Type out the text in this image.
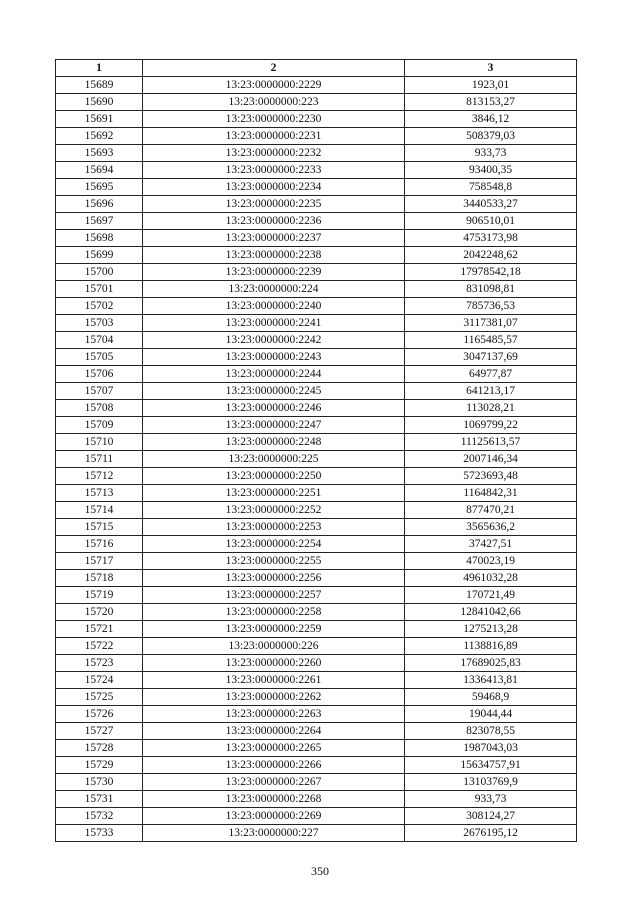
1	2	3
15689	13:23:0000000:2229	1923,01
15690	13:23:0000000:223	813153,27
15691	13:23:0000000:2230	3846,12
15692	13:23:0000000:2231	508379,03
15693	13:23:0000000:2232	933,73
15694	13:23:0000000:2233	93400,35
15695	13:23:0000000:2234	758548,8
15696	13:23:0000000:2235	3440533,27
15697	13:23:0000000:2236	906510,01
15698	13:23:0000000:2237	4753173,98
15699	13:23:0000000:2238	2042248,62
15700	13:23:0000000:2239	17978542,18
15701	13:23:0000000:224	831098,81
15702	13:23:0000000:2240	785736,53
15703	13:23:0000000:2241	3117381,07
15704	13:23:0000000:2242	1165485,57
15705	13:23:0000000:2243	3047137,69
15706	13:23:0000000:2244	64977,87
15707	13:23:0000000:2245	641213,17
15708	13:23:0000000:2246	113028,21
15709	13:23:0000000:2247	1069799,22
15710	13:23:0000000:2248	11125613,57
15711	13:23:0000000:225	2007146,34
15712	13:23:0000000:2250	5723693,48
15713	13:23:0000000:2251	1164842,31
15714	13:23:0000000:2252	877470,21
15715	13:23:0000000:2253	3565636,2
15716	13:23:0000000:2254	37427,51
15717	13:23:0000000:2255	470023,19
15718	13:23:0000000:2256	4961032,28
15719	13:23:0000000:2257	170721,49
15720	13:23:0000000:2258	12841042,66
15721	13:23:0000000:2259	1275213,28
15722	13:23:0000000:226	1138816,89
15723	13:23:0000000:2260	17689025,83
15724	13:23:0000000:2261	1336413,81
15725	13:23:0000000:2262	59468,9
15726	13:23:0000000:2263	19044,44
15727	13:23:0000000:2264	823078,55
15728	13:23:0000000:2265	1987043,03
15729	13:23:0000000:2266	15634757,91
15730	13:23:0000000:2267	13103769,9
15731	13:23:0000000:2268	933,73
15732	13:23:0000000:2269	308124,27
15733	13:23:0000000:227	2676195,12
350
